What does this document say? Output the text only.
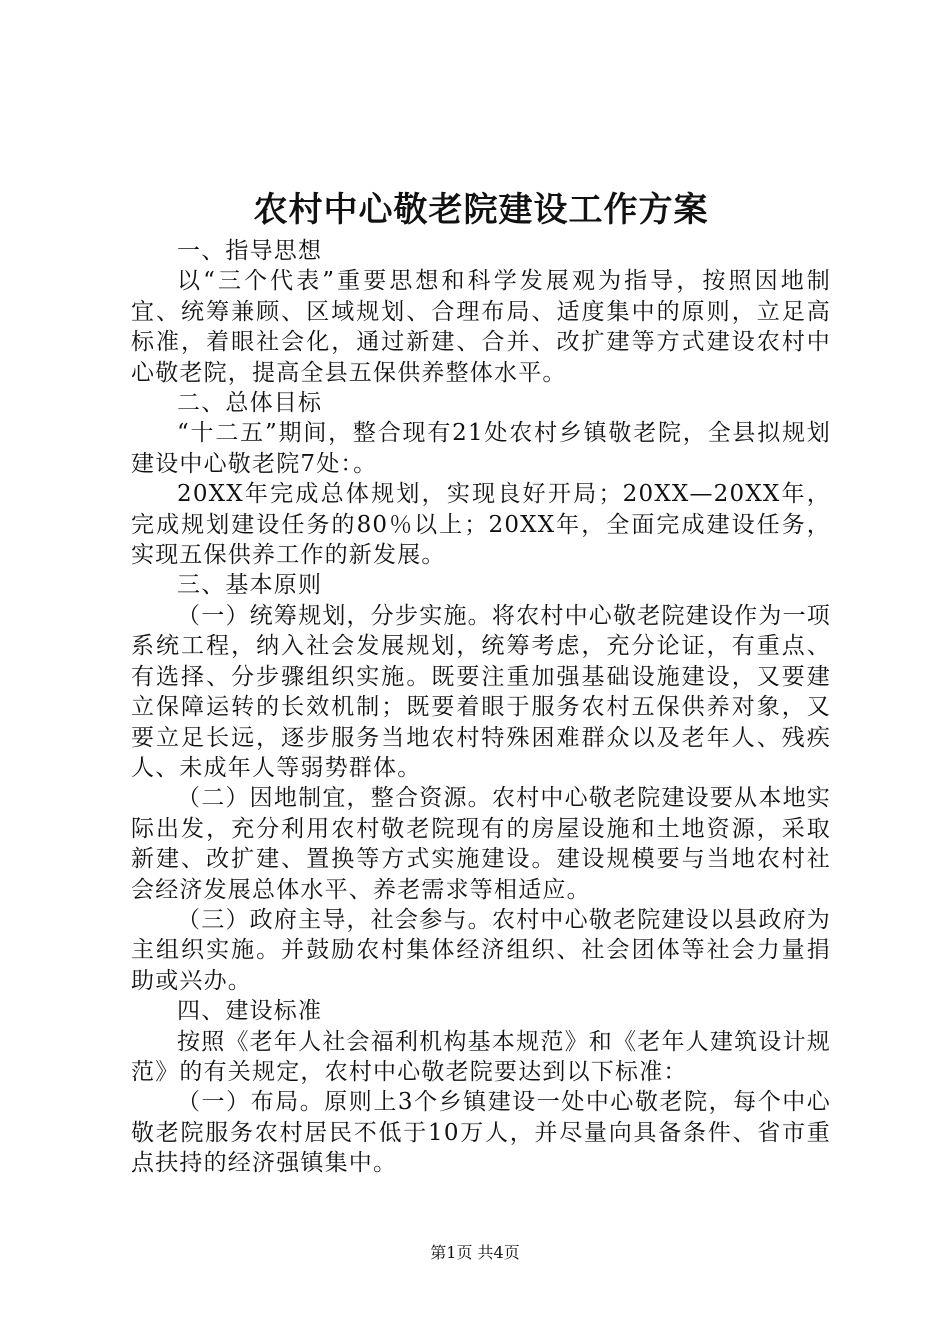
农村中心敬老院建设工作方案

一、指导思想

以“三个代表”重要思想和科学发展观为指导，按照因地制宜、统筹兼顾、区域规划、合理布局、适度集中的原则，立足高标准，着眼社会化，通过新建、合并、改扩建等方式建设农村中心敬老院，提高全县五保供养整体水平。

二、总体目标

“十二五”期间，整合现有21处农村乡镇敬老院，全县拟规划建设中心敬老院7处：。

20XX年完成总体规划，实现良好开局；20XX—20XX年，完成规划建设任务的80％以上；20XX年，全面完成建设任务，实现五保供养工作的新发展。

三、基本原则

（一）统筹规划，分步实施。将农村中心敬老院建设作为一项系统工程，纳入社会发展规划，统筹考虑，充分论证，有重点、有选择、分步骤组织实施。既要注重加强基础设施建设，又要建立保障运转的长效机制；既要着眼于服务农村五保供养对象，又要立足长远，逐步服务当地农村特殊困难群众以及老年人、残疾人、未成年人等弱势群体。

（二）因地制宜，整合资源。农村中心敬老院建设要从本地实际出发，充分利用农村敬老院现有的房屋设施和土地资源，采取新建、改扩建、置换等方式实施建设。建设规模要与当地农村社会经济发展总体水平、养老需求等相适应。

（三）政府主导，社会参与。农村中心敬老院建设以县政府为主组织实施。并鼓励农村集体经济组织、社会团体等社会力量捐助或兴办。

四、建设标准

按照《老年人社会福利机构基本规范》和《老年人建筑设计规范》的有关规定，农村中心敬老院要达到以下标准：

（一）布局。原则上3个乡镇建设一处中心敬老院，每个中心敬老院服务农村居民不低于10万人，并尽量向具备条件、省市重点扶持的经济强镇集中。

第1页 共4页
